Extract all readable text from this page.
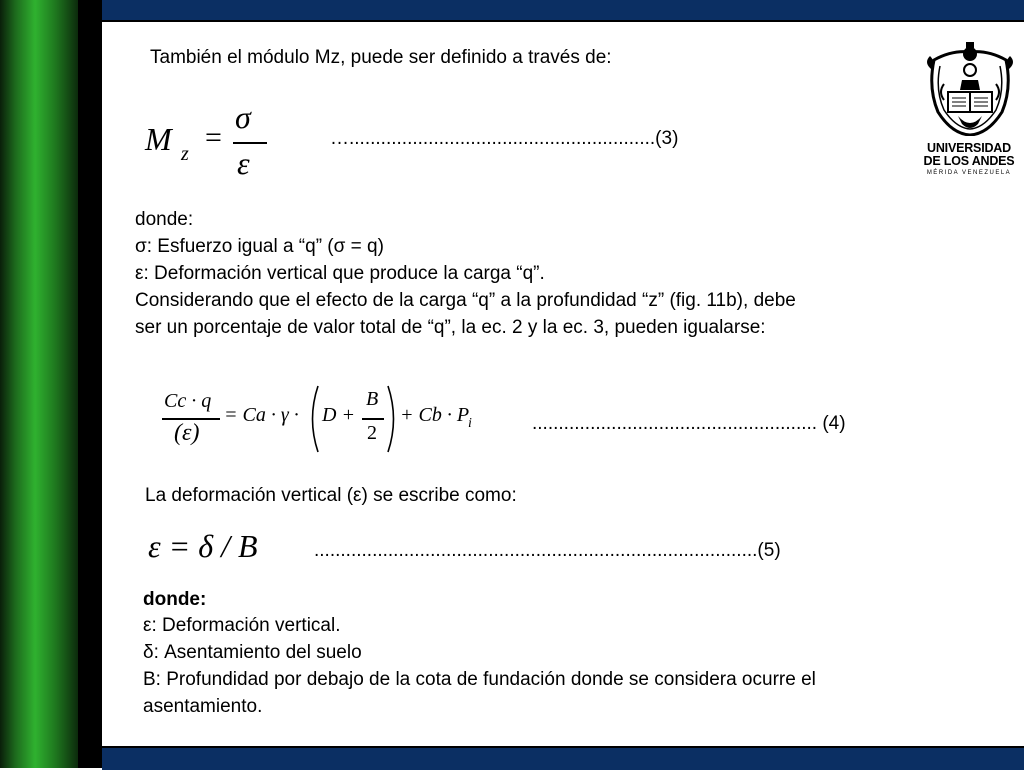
También el módulo Mz, puede ser definido a través de:
M z =
σ
ε
…..........................................................(3)
donde:
σ: Esfuerzo igual a “q” (σ = q)
ε: Deformación vertical que produce la carga “q”.
Considerando que el efecto de la carga “q” a la profundidad “z” (fig. 11b), debe
ser un porcentaje de valor total de “q”, la ec. 2 y la ec. 3, pueden igualarse:
Cc · q
(ε)
= Ca · γ · D +
B
2
+ Cb · P
i	...................................................... (4)
La deformación vertical (ε) se escribe como:
ε = δ / B	....................................................................................(5)
donde:
ε: Deformación vertical.
δ: Asentamiento del suelo
B: Profundidad por debajo de la cota de fundación donde se considera ocurre el
asentamiento.
UNIVERSIDAD
DE LOS ANDES
MÉRIDA VENEZUELA
